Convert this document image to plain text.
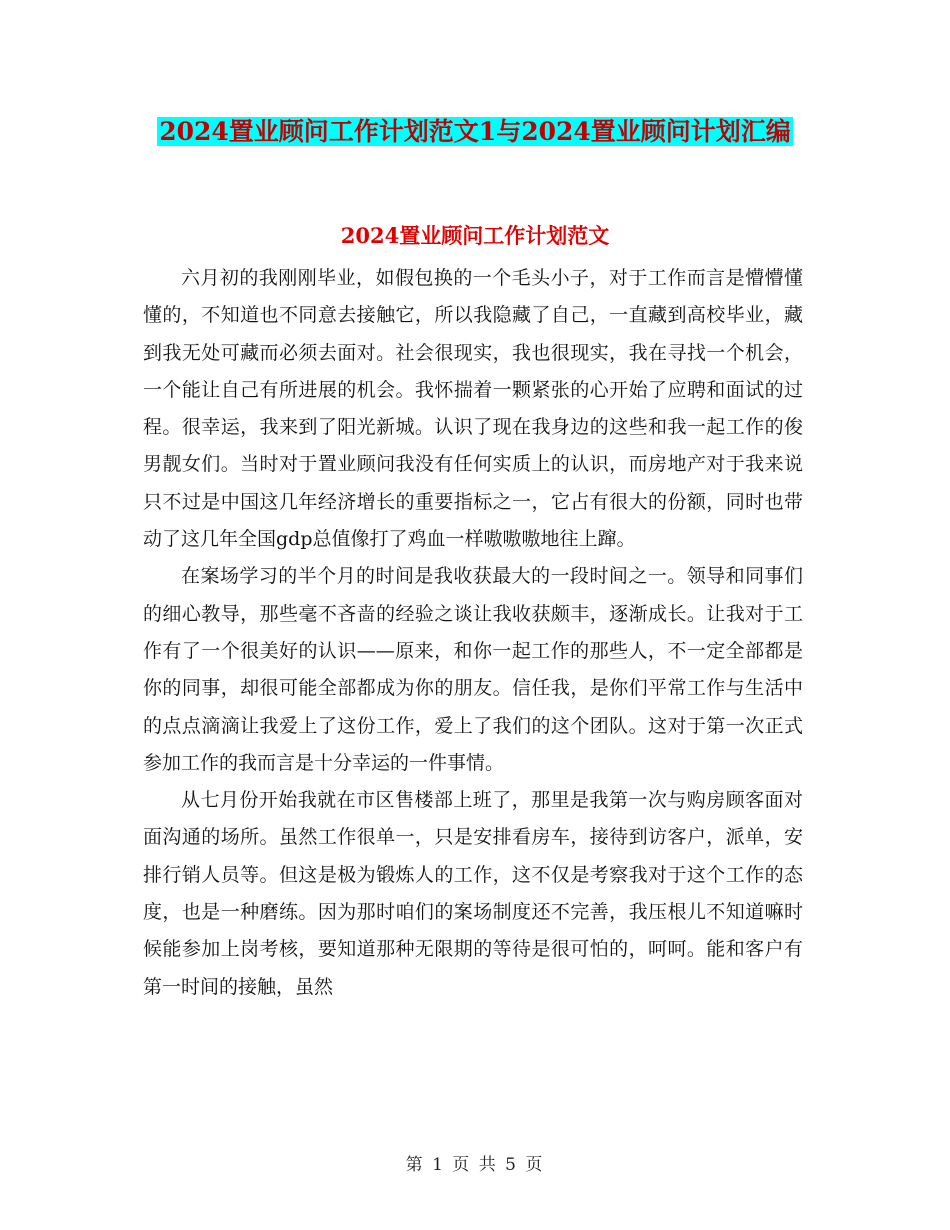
2024置业顾问工作计划范文1与2024置业顾问计划汇编
2024置业顾问工作计划范文

六月初的我刚刚毕业，如假包换的一个毛头小子，对于工作而言是懵懵懂懂的，不知道也不同意去接触它，所以我隐藏了自己，一直藏到高校毕业，藏到我无处可藏而必须去面对。社会很现实，我也很现实，我在寻找一个机会，一个能让自己有所进展的机会。我怀揣着一颗紧张的心开始了应聘和面试的过程。很幸运，我来到了阳光新城。认识了现在我身边的这些和我一起工作的俊男靓女们。当时对于置业顾问我没有任何实质上的认识，而房地产对于我来说只不过是中国这几年经济增长的重要指标之一，它占有很大的份额，同时也带动了这几年全国gdp总值像打了鸡血一样嗷嗷嗷地往上蹿。

在案场学习的半个月的时间是我收获最大的一段时间之一。领导和同事们的细心教导，那些毫不吝啬的经验之谈让我收获颇丰，逐渐成长。让我对于工作有了一个很美好的认识——原来，和你一起工作的那些人，不一定全部都是你的同事，却很可能全部都成为你的朋友。信任我，是你们平常工作与生活中的点点滴滴让我爱上了这份工作，爱上了我们的这个团队。这对于第一次正式参加工作的我而言是十分幸运的一件事情。

从七月份开始我就在市区售楼部上班了，那里是我第一次与购房顾客面对面沟通的场所。虽然工作很单一，只是安排看房车，接待到访客户，派单，安排行销人员等。但这是极为锻炼人的工作，这不仅是考察我对于这个工作的态度，也是一种磨练。因为那时咱们的案场制度还不完善，我压根儿不知道嘛时候能参加上岗考核，要知道那种无限期的等待是很可怕的，呵呵。能和客户有第一时间的接触，虽然

第 1 页 共 5 页
